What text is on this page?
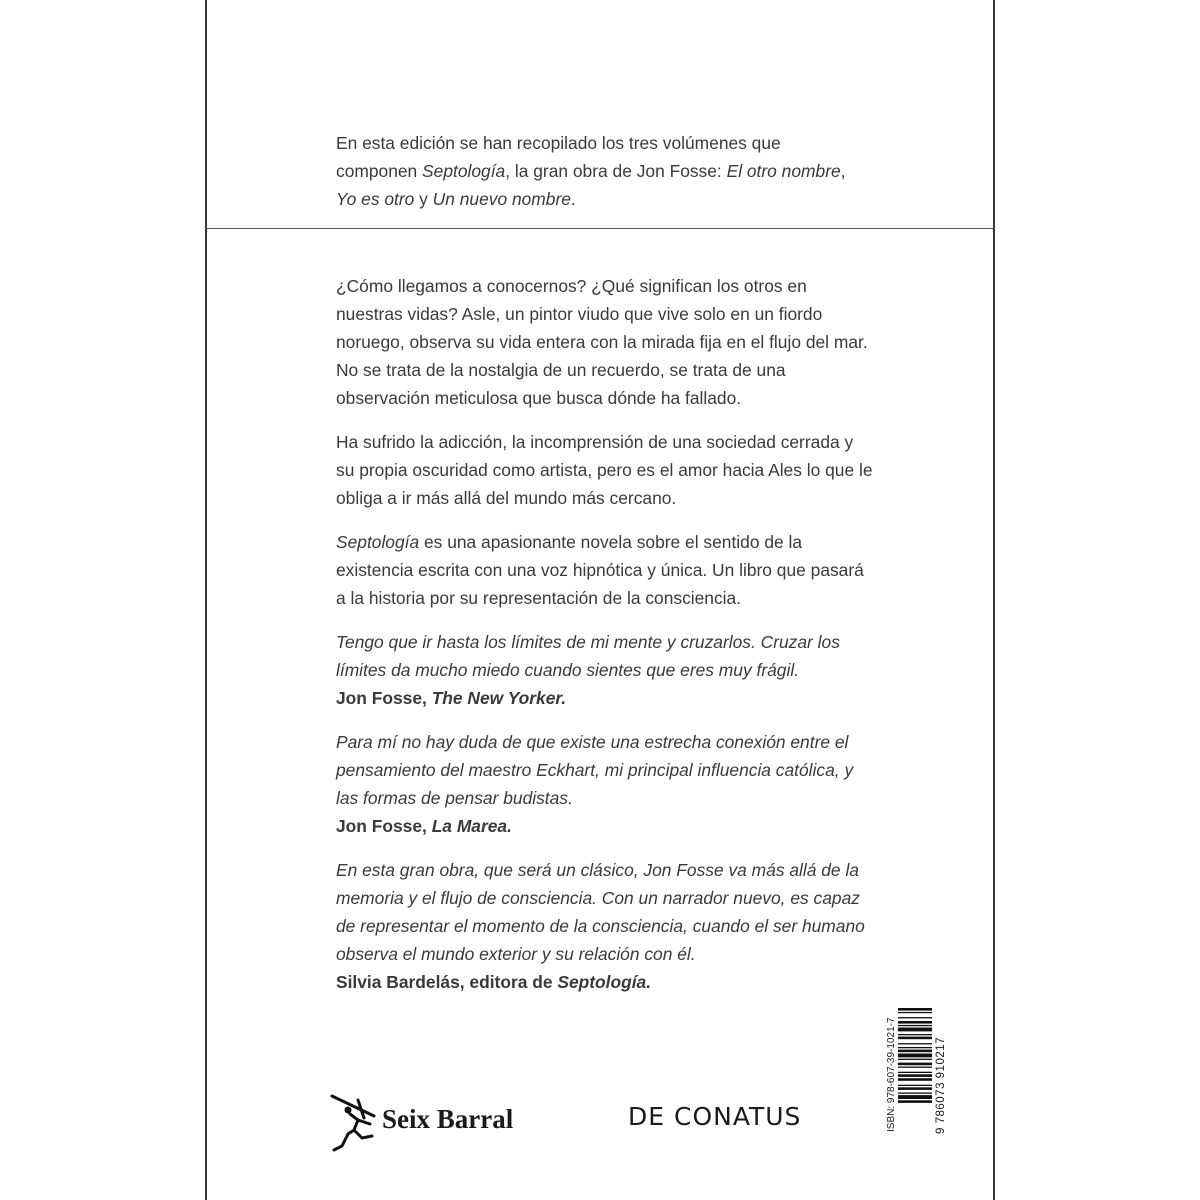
En esta edición se han recopilado los tres volúmenes que

componen Septología, la gran obra de Jon Fosse: El otro nombre,

Yo es otro y Un nuevo nombre.

¿Cómo llegamos a conocernos? ¿Qué significan los otros en nuestras vidas? Asle, un pintor viudo que vive solo en un fiordo noruego, observa su vida entera con la mirada fija en el flujo del mar. No se trata de la nostalgia de un recuerdo, se trata de una observación meticulosa que busca dónde ha fallado.

Ha sufrido la adicción, la incomprensión de una sociedad cerrada y su propia oscuridad como artista, pero es el amor hacia Ales lo que le obliga a ir más allá del mundo más cercano.

Septología es una apasionante novela sobre el sentido de la existencia escrita con una voz hipnótica y única. Un libro que pasará a la historia por su representación de la consciencia.

Tengo que ir hasta los límites de mi mente y cruzarlos. Cruzar los límites da mucho miedo cuando sientes que eres muy frágil.
Jon Fosse, The New Yorker.

Para mí no hay duda de que existe una estrecha conexión entre el pensamiento del maestro Eckhart, mi principal influencia católica, y las formas de pensar budistas.
Jon Fosse, La Marea.

En esta gran obra, que será un clásico, Jon Fosse va más allá de la memoria y el flujo de consciencia. Con un narrador nuevo, es capaz de representar el momento de la consciencia, cuando el ser humano observa el mundo exterior y su relación con él.
Silvia Bardelás, editora de Septología.

Seix Barral	DE CONATUS	ISBN: 978-607-39-1021-7	9 786073 910217
